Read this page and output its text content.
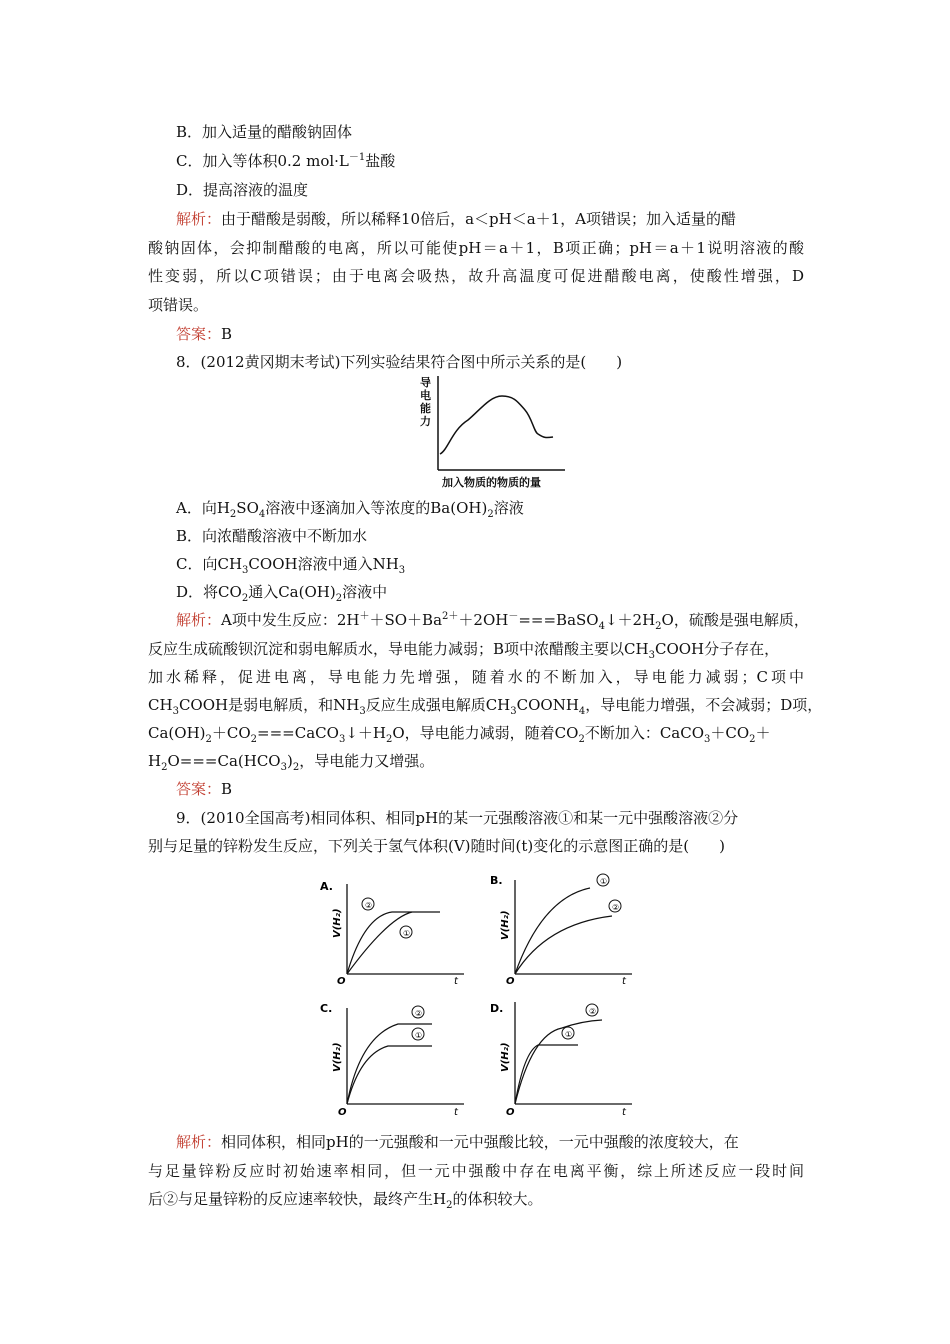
B．加入适量的醋酸钠固体
C．加入等体积0.2 $mol\cdot L^{-1}$盐酸
D．提高溶液的温度
解析：由于醋酸是弱酸，所以稀释10倍后，a＜pH＜a＋1，A项错误；加入适量的醋
酸钠固体，会抑制醋酸的电离，所以可能使pH＝a＋1，B项正确；pH＝a＋1说明溶液的酸
性变弱，所以C项错误；由于电离会吸热，故升高温度可促进醋酸电离，使酸性增强，D
项错误。
答案：B
8．(2012黄冈期末考试)下列实验结果符合图中所示关系的是(　　)
导
电
能
力
加入物质的物质的量
A．向$H_2SO_4$溶液中逐滴加入等浓度的$Ba(OH)_2$溶液
B．向浓醋酸溶液中不断加水
C．向$CH_3COOH$溶液中通入$NH_3$
D．将$CO_2$通入$Ca(OH)_2$溶液中
解析：A项中发生反应：$2H^++SO+Ba^{2+}+2OH^-===BaSO_4↓+2H_2O$，硫酸是强电解质，
反应生成硫酸钡沉淀和弱电解质水，导电能力减弱；B项中浓醋酸主要以$CH_3COOH$分子存在，
加水稀释，促进电离，导电能力先增强，随着水的不断加入，导电能力减弱；C项中
$CH_3COOH$是弱电解质，和$NH_3$反应生成强电解质$CH_3COONH_4$，导电能力增强，不会减弱；D项，
$Ca(OH)_2+CO_2===CaCO_3↓+H_2O$，导电能力减弱，随着$CO_2$不断加入：$CaCO_3+CO_2+$
$H_2O===Ca(HCO_3)_2$，导电能力又增强。
答案：B
9．(2010全国高考)相同体积、相同pH的某一元强酸溶液①和某一元中强酸溶液②分
别与足量的锌粉发生反应，下列关于氢气体积(V)随时间(t)变化的示意图正确的是(　　)
A.
V(H₂)
O	t
②
①
B.
V(H₂)
O	t
①
②
C.
V(H₂)
O	t
②
①
D.
V(H₂)
O	t
②
①
解析：相同体积，相同pH的一元强酸和一元中强酸比较，一元中强酸的浓度较大，在
与足量锌粉反应时初始速率相同，但一元中强酸中存在电离平衡，综上所述反应一段时间
后②与足量锌粉的反应速率较快，最终产生$H_2$的体积较大。
